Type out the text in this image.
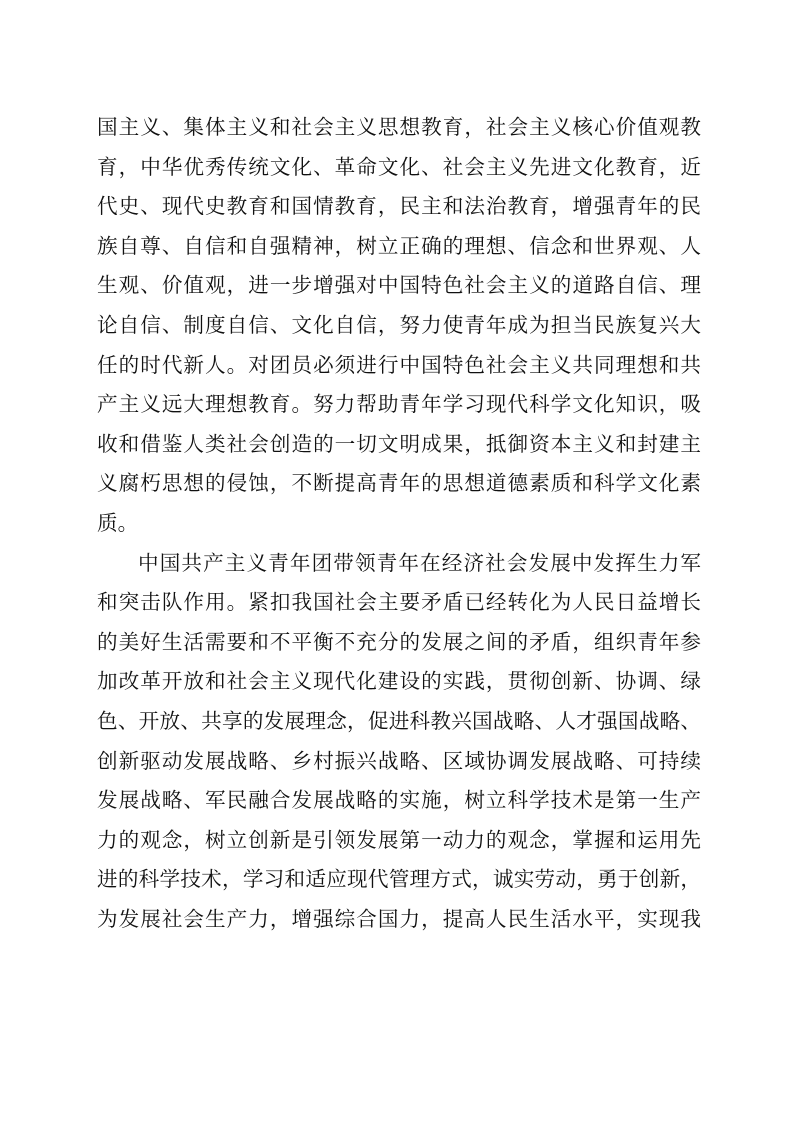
国主义、集体主义和社会主义思想教育，社会主义核心价值观教
育，中华优秀传统文化、革命文化、社会主义先进文化教育，近
代史、现代史教育和国情教育，民主和法治教育，增强青年的民
族自尊、自信和自强精神，树立正确的理想、信念和世界观、人
生观、价值观，进一步增强对中国特色社会主义的道路自信、理
论自信、制度自信、文化自信，努力使青年成为担当民族复兴大
任的时代新人。对团员必须进行中国特色社会主义共同理想和共
产主义远大理想教育。努力帮助青年学习现代科学文化知识，吸
收和借鉴人类社会创造的一切文明成果，抵御资本主义和封建主
义腐朽思想的侵蚀，不断提高青年的思想道德素质和科学文化素
质。
中国共产主义青年团带领青年在经济社会发展中发挥生力军
和突击队作用。紧扣我国社会主要矛盾已经转化为人民日益增长
的美好生活需要和不平衡不充分的发展之间的矛盾，组织青年参
加改革开放和社会主义现代化建设的实践，贯彻创新、协调、绿
色、开放、共享的发展理念，促进科教兴国战略、人才强国战略、
创新驱动发展战略、乡村振兴战略、区域协调发展战略、可持续
发展战略、军民融合发展战略的实施，树立科学技术是第一生产
力的观念，树立创新是引领发展第一动力的观念，掌握和运用先
进的科学技术，学习和适应现代管理方式，诚实劳动，勇于创新，
为发展社会生产力，增强综合国力，提高人民生活水平，实现我
